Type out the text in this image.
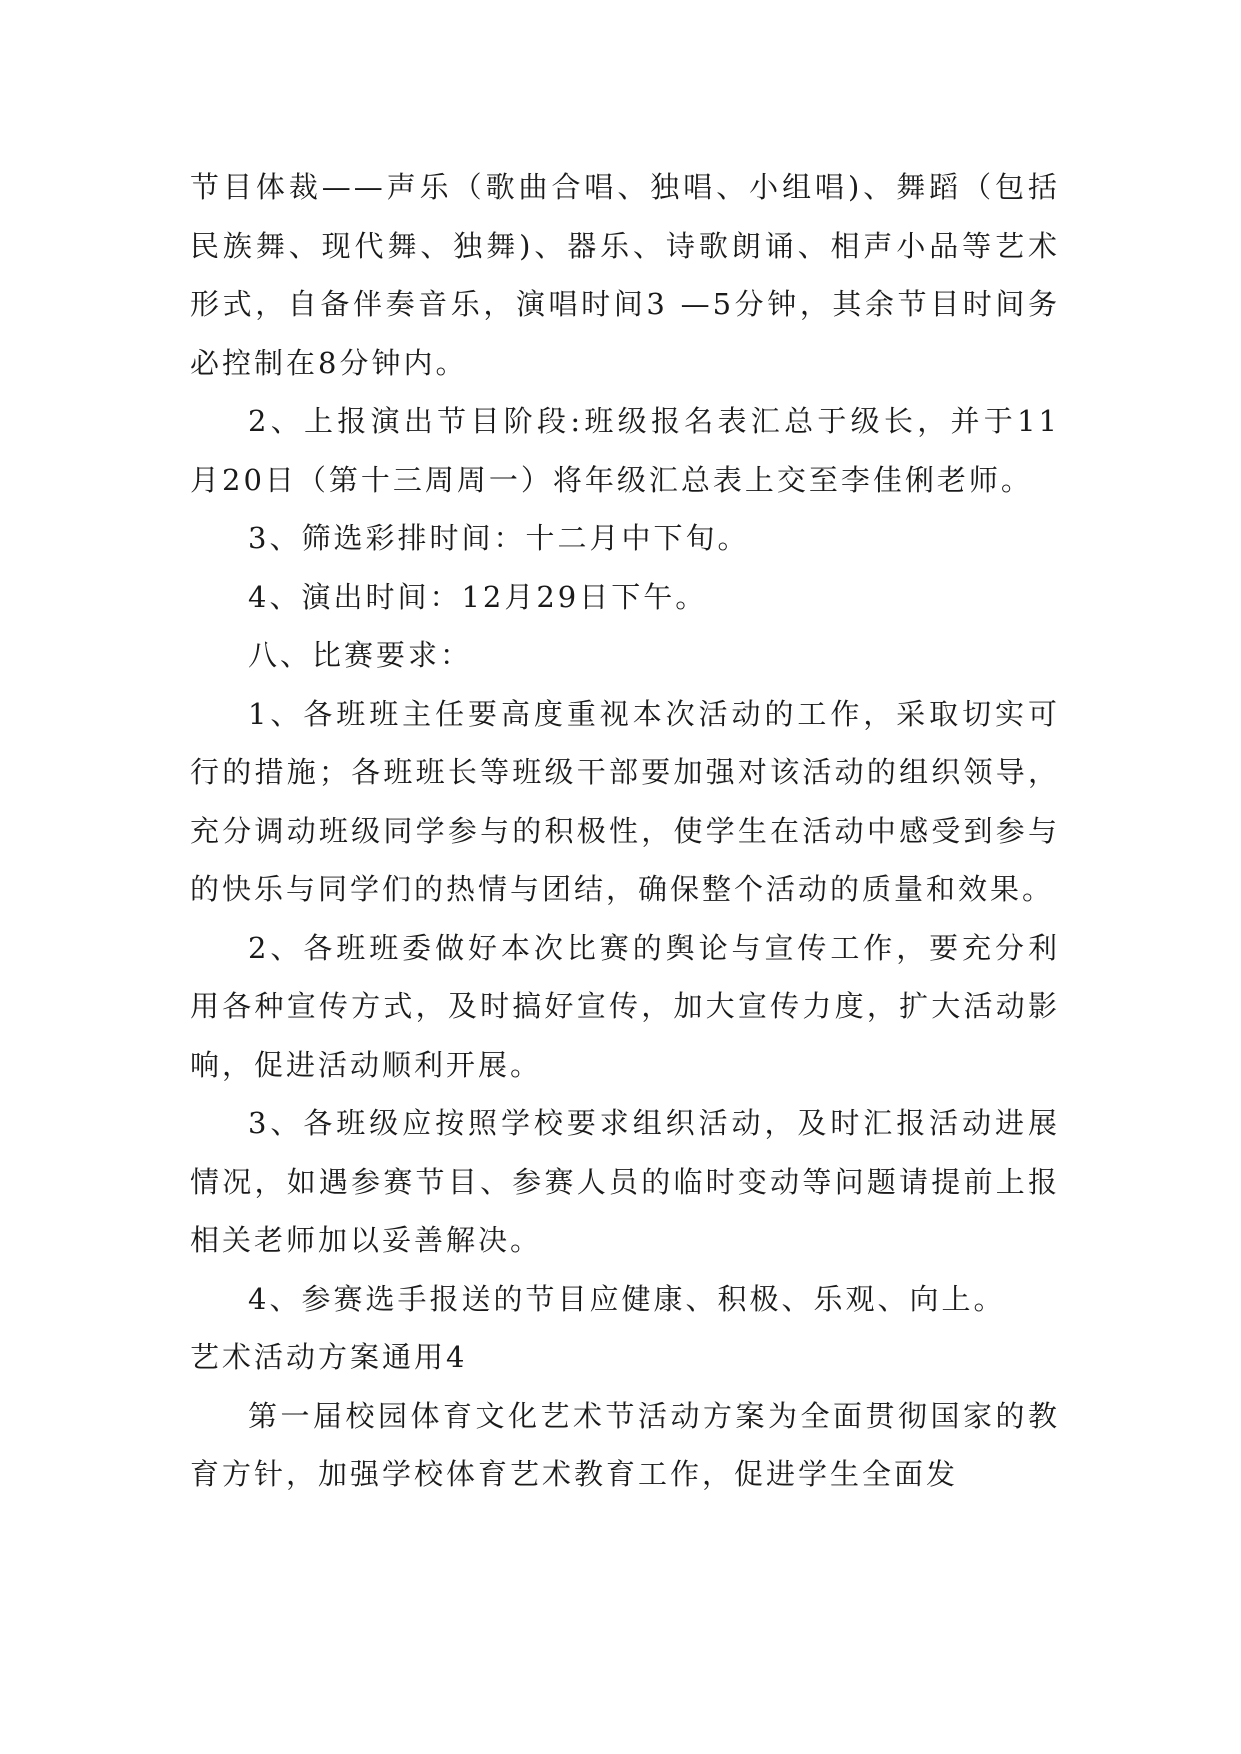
节目体裁——声乐（歌曲合唱、独唱、小组唱)、舞蹈（包括民族舞、现代舞、独舞)、器乐、诗歌朗诵、相声小品等艺术形式，自备伴奏音乐，演唱时间3 —5分钟，其余节目时间务必控制在8分钟内。

2、上报演出节目阶段:班级报名表汇总于级长，并于11月20日（第十三周周一）将年级汇总表上交至李佳俐老师。

3、筛选彩排时间：十二月中下旬。

4、演出时间：12月29日下午。

八、比赛要求：

1、各班班主任要高度重视本次活动的工作，采取切实可行的措施；各班班长等班级干部要加强对该活动的组织领导，充分调动班级同学参与的积极性，使学生在活动中感受到参与的快乐与同学们的热情与团结，确保整个活动的质量和效果。

2、各班班委做好本次比赛的舆论与宣传工作，要充分利用各种宣传方式，及时搞好宣传，加大宣传力度，扩大活动影响，促进活动顺利开展。

3、各班级应按照学校要求组织活动，及时汇报活动进展情况，如遇参赛节目、参赛人员的临时变动等问题请提前上报相关老师加以妥善解决。

4、参赛选手报送的节目应健康、积极、乐观、向上。

艺术活动方案通用4

第一届校园体育文化艺术节活动方案为全面贯彻国家的教育方针，加强学校体育艺术教育工作，促进学生全面发
